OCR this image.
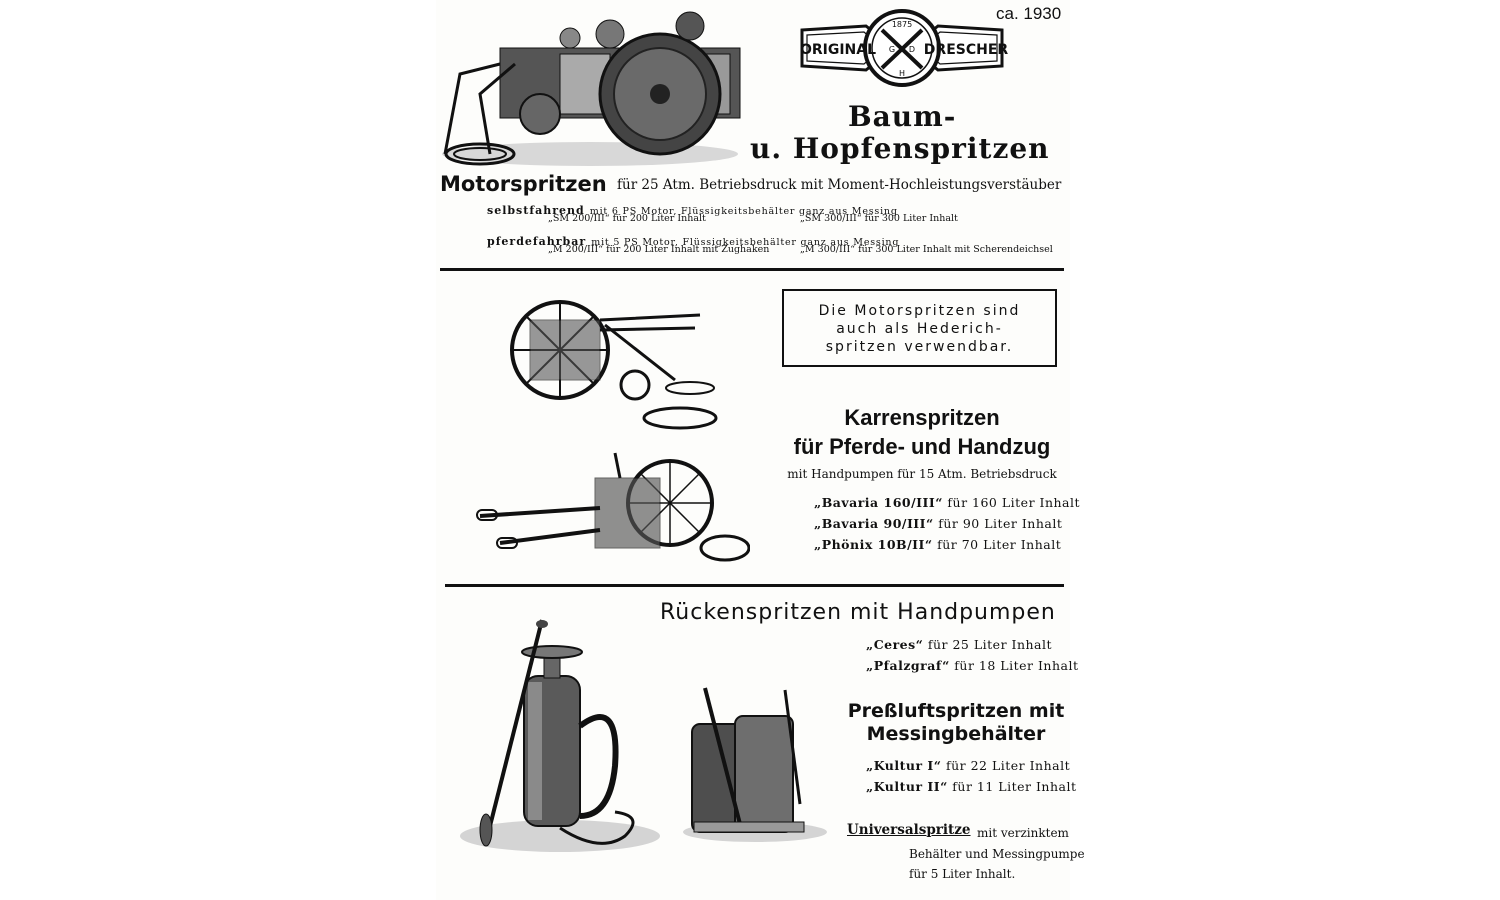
ca. 1930
ORIGINAL	DRESCHER
1875
G D
H
Baum-
u. Hopfenspritzen
Motorspritzen für 25 Atm. Betriebsdruck mit Moment-Hochleistungsverstäuber
selbstfahrend mit 6 PS Motor, Flüssigkeitsbehälter ganz aus Messing
„SM 200/III“ für 200 Liter Inhalt	„SM 300/III“ für 300 Liter Inhalt
pferdefahrbar mit 5 PS Motor, Flüssigkeitsbehälter ganz aus Messing
„M 200/III“ für 200 Liter Inhalt mit Zughaken	„M 300/III“ für 300 Liter Inhalt mit Scherendeichsel
Die Motorspritzen sind
auch als Hederich-
spritzen verwendbar.
Karrenspritzen
für Pferde- und Handzug
mit Handpumpen für 15 Atm. Betriebsdruck
„Bavaria 160/III“ für 160 Liter Inhalt
„Bavaria 90/III“ für 90 Liter Inhalt
„Phönix 10B/II“ für 70 Liter Inhalt
Rückenspritzen mit Handpumpen
„Ceres“ für 25 Liter Inhalt
„Pfalzgraf“ für 18 Liter Inhalt
Preßluftspritzen mit
Messingbehälter
„Kultur I“ für 22 Liter Inhalt
„Kultur II“ für 11 Liter Inhalt
Universalspritze mit verzinktem
Behälter und Messingpumpe
für 5 Liter Inhalt.
